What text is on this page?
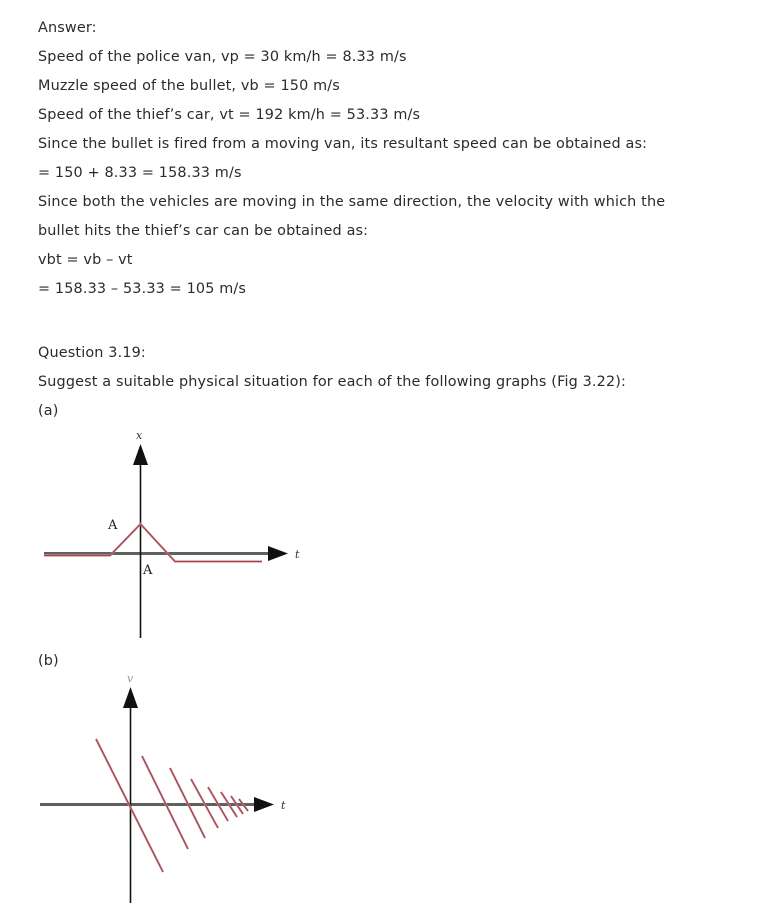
Answer:
Speed of the police van, vp = 30 km/h = 8.33 m/s
Muzzle speed of the bullet, vb = 150 m/s
Speed of the thief’s car, vt = 192 km/h = 53.33 m/s
Since the bullet is fired from a moving van, its resultant speed can be obtained as:
= 150 + 8.33 = 158.33 m/s
Since both the vehicles are moving in the same direction, the velocity with which the
bullet hits the thief’s car can be obtained as:
vbt = vb – vt
= 158.33 – 53.33 = 105 m/s
Question 3.19:
Suggest a suitable physical situation for each of the following graphs (Fig 3.22):
(a)
(b)
t
x
A
A
t
v
